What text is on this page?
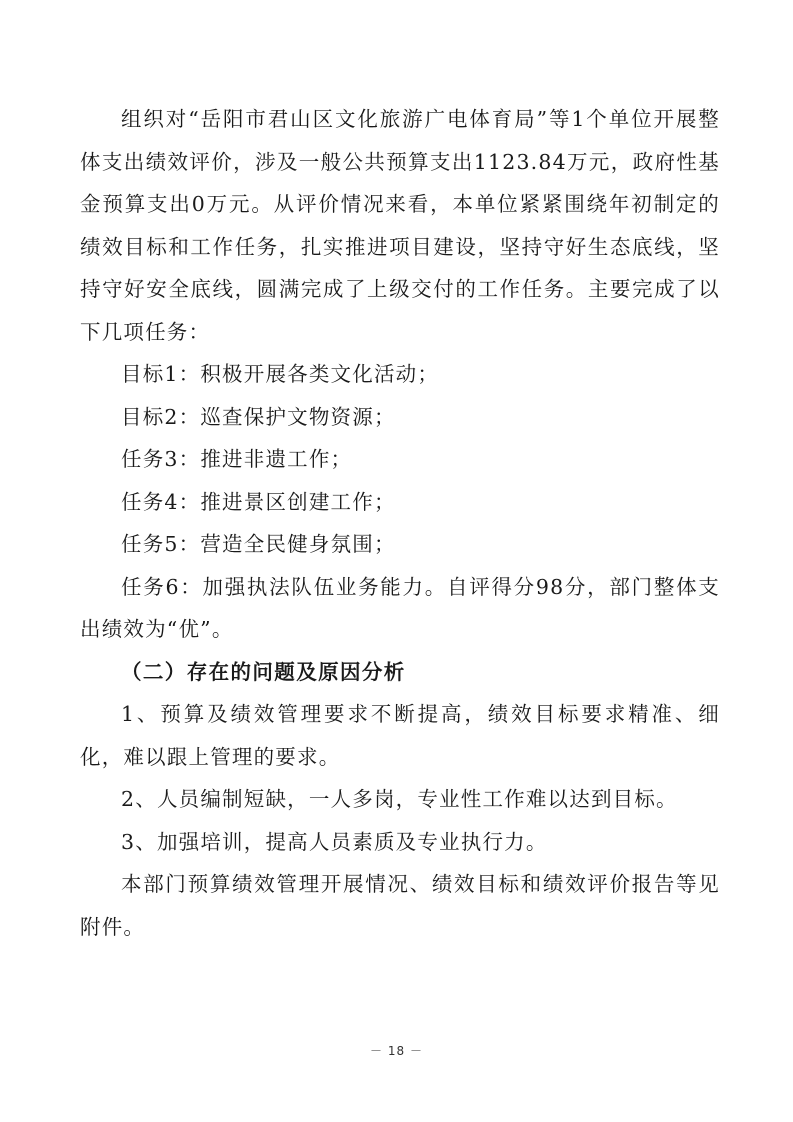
组织对“岳阳市君山区文化旅游广电体育局”等1个单位开展整体支出绩效评价，涉及一般公共预算支出1123.84万元，政府性基金预算支出0万元。从评价情况来看，本单位紧紧围绕年初制定的绩效目标和工作任务，扎实推进项目建设，坚持守好生态底线，坚持守好安全底线，圆满完成了上级交付的工作任务。主要完成了以下几项任务：

目标1：积极开展各类文化活动；

目标2：巡查保护文物资源；

任务3：推进非遗工作；

任务4：推进景区创建工作；

任务5：营造全民健身氛围；

任务6：加强执法队伍业务能力。自评得分98分，部门整体支出绩效为“优”。

（二）存在的问题及原因分析

1、预算及绩效管理要求不断提高，绩效目标要求精准、细化，难以跟上管理的要求。

2、人员编制短缺，一人多岗，专业性工作难以达到目标。

3、加强培训，提高人员素质及专业执行力。

本部门预算绩效管理开展情况、绩效目标和绩效评价报告等见附件。

－ 18 －
